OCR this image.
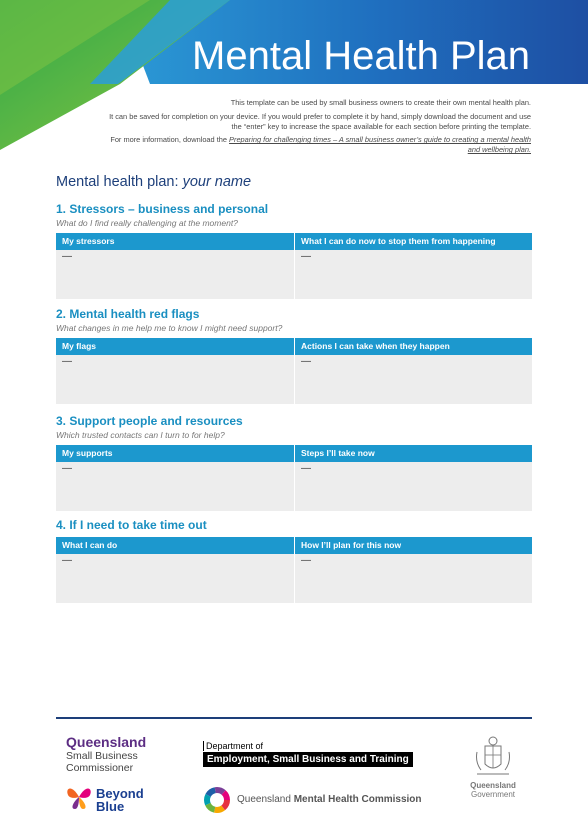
Mental Health Plan

This template can be used by small business owners to create their own mental health plan.

It can be saved for completion on your device. If you would prefer to complete it by hand, simply download the document and use the “enter” key to increase the space available for each section before printing the template.

For more information, download the Preparing for challenging times – A small business owner’s guide to creating a mental health and wellbeing plan.

Mental health plan: your name
1. Stressors – business and personal

What do I find really challenging at the moment?

My stressors
—
What I can do now to stop them from happening
—
2. Mental health red flags

What changes in me help me to know I might need support?

My flags
—
Actions I can take when they happen
—
3. Support people and resources

Which trusted contacts can I turn to for help?

My supports
—
Steps I’ll take now
—
4. If I need to take time out
What I can do
—
How I’ll plan for this now
—
Queensland
Small Business
Commissioner
Department of
Employment, Small Business and Training
Beyond
Blue	Queensland Mental Health Commission
Queensland
Government
